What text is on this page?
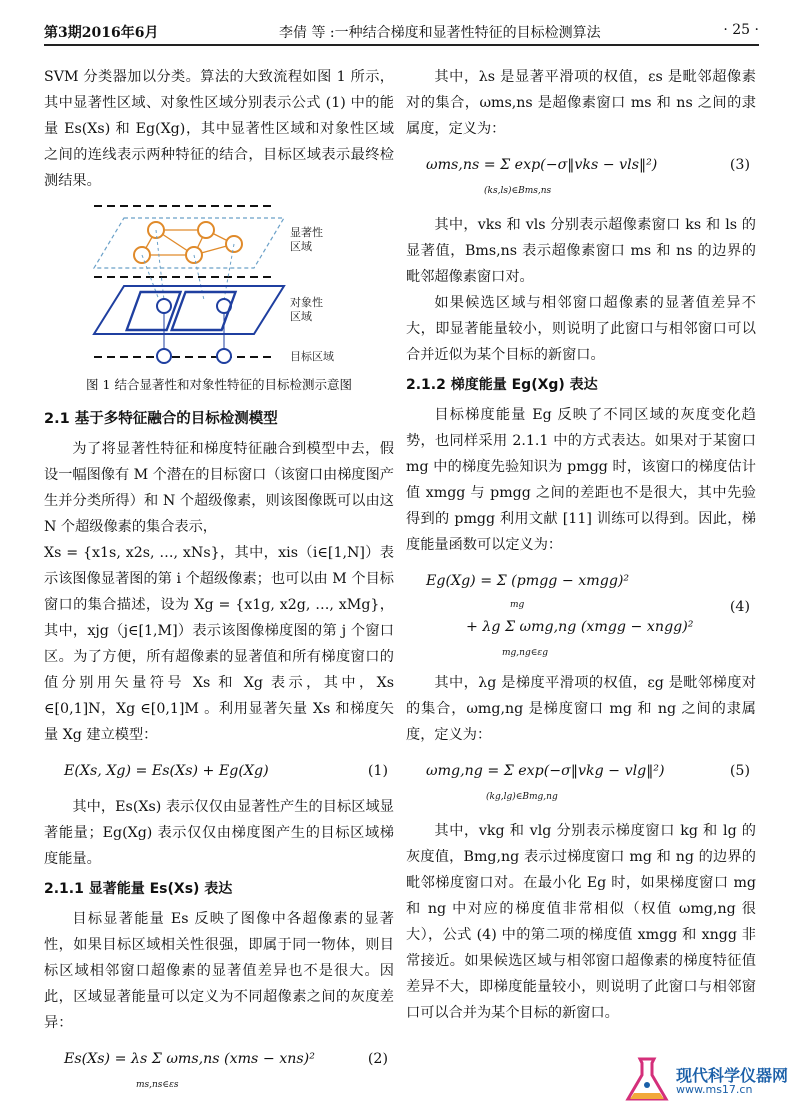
第3期2016年6月	李倩 等 :一种结合梯度和显著性特征的目标检测算法	· 25 ·

SVM 分类器加以分类。算法的大致流程如图 1 所示，其中显著性区域、对象性区域分别表示公式 (1) 中的能量 Es(Xs) 和 Eg(Xg)，其中显著性区域和对象性区域之间的连线表示两种特征的结合，目标区域表示最终检测结果。

显著性
区域
对象性
区域
目标区域
图 1 结合显著性和对象性特征的目标检测示意图
2.1 基于多特征融合的目标检测模型

为了将显著性特征和梯度特征融合到模型中去，假设一幅图像有 M 个潜在的目标窗口（该窗口由梯度图产生并分类所得）和 N 个超级像素，则该图像既可以由这 N 个超级像素的集合表示，

Xs = {x1s, x2s, …, xNs}，其中，xis（i∈[1,N]）表示该图像显著图的第 i 个超级像素；也可以由 M 个目标窗口的集合描述，设为 Xg = {x1g, x2g, …, xMg}，其中，xjg（j∈[1,M]）表示该图像梯度图的第 j 个窗口区。为了方便，所有超像素的显著值和所有梯度窗口的值分别用矢量符号 Xs 和 Xg 表示，其中，Xs ∈[0,1]N，Xg ∈[0,1]M 。利用显著矢量 Xs 和梯度矢量 Xg 建立模型：

E(Xs, Xg) = Es(Xs) + Eg(Xg)	(1)

其中，Es(Xs) 表示仅仅由显著性产生的目标区域显著能量；Eg(Xg) 表示仅仅由梯度图产生的目标区域梯度能量。

2.1.1 显著能量 Es(Xs) 表达

目标显著能量 Es 反映了图像中各超像素的显著性，如果目标区域相关性很强，即属于同一物体，则目标区域相邻窗口超像素的显著值差异也不是很大。因此，区域显著能量可以定义为不同超像素之间的灰度差异：

Es(Xs) = λs Σ ωms,ns (xms − xns)²	(2)
ms,ns∈εs

其中，λs 是显著平滑项的权值，εs 是毗邻超像素对的集合，ωms,ns 是超像素窗口 ms 和 ns 之间的隶属度，定义为：

ωms,ns = Σ exp(−σ‖vks − vls‖²)	(3)
(ks,ls)∈Bms,ns

其中，vks 和 vls 分别表示超像素窗口 ks 和 ls 的显著值，Bms,ns 表示超像素窗口 ms 和 ns 的边界的毗邻超像素窗口对。

如果候选区域与相邻窗口超像素的显著值差异不大，即显著能量较小，则说明了此窗口与相邻窗口可以合并近似为某个目标的新窗口。

2.1.2 梯度能量 Eg(Xg) 表达

目标梯度能量 Eg 反映了不同区域的灰度变化趋势，也同样采用 2.1.1 中的方式表达。如果对于某窗口 mg 中的梯度先验知识为 pmgg 时，该窗口的梯度估计值 xmgg 与 pmgg 之间的差距也不是很大，其中先验得到的 pmgg 利用文献 [11] 训练可以得到。因此，梯度能量函数可以定义为：

Eg(Xg) = Σ (pmgg − xmgg)²
mg
+ λg Σ ωmg,ng (xmgg − xngg)²
mg,ng∈εg
(4)

其中，λg 是梯度平滑项的权值，εg 是毗邻梯度对的集合，ωmg,ng 是梯度窗口 mg 和 ng 之间的隶属度，定义为：

ωmg,ng = Σ exp(−σ‖vkg − vlg‖²)	(5)
(kg,lg)∈Bmg,ng

其中，vkg 和 vlg 分别表示梯度窗口 kg 和 lg 的灰度值，Bmg,ng 表示过梯度窗口 mg 和 ng 的边界的毗邻梯度窗口对。在最小化 Eg 时，如果梯度窗口 mg 和 ng 中对应的梯度值非常相似（权值 ωmg,ng 很大），公式 (4) 中的第二项的梯度值 xmgg 和 xngg 非常接近。如果候选区域与相邻窗口超像素的梯度特征值差异不大，即梯度能量较小，则说明了此窗口与相邻窗口可以合并为某个目标的新窗口。

现代科学仪器网
www.ms17.cn
